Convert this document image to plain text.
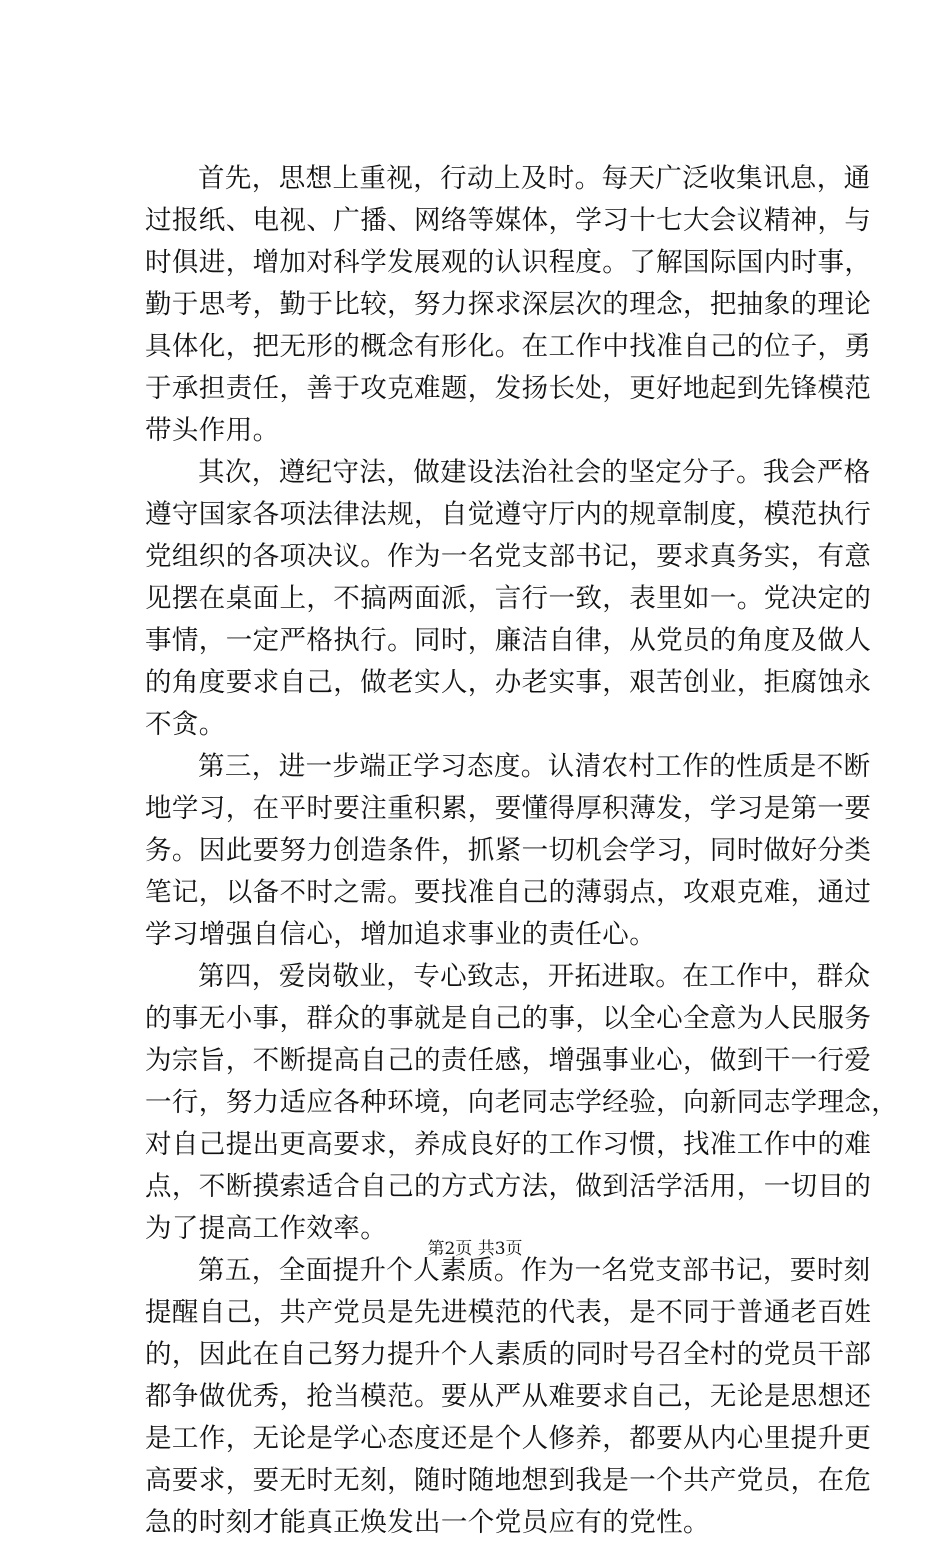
首先，思想上重视，行动上及时。每天广泛收集讯息，通
过报纸、电视、广播、网络等媒体，学习十七大会议精神，与
时俱进，增加对科学发展观的认识程度。了解国际国内时事，
勤于思考，勤于比较，努力探求深层次的理念，把抽象的理论
具体化，把无形的概念有形化。在工作中找准自己的位子，勇
于承担责任，善于攻克难题，发扬长处，更好地起到先锋模范
带头作用。
其次，遵纪守法，做建设法治社会的坚定分子。我会严格
遵守国家各项法律法规，自觉遵守厅内的规章制度，模范执行
党组织的各项决议。作为一名党支部书记，要求真务实，有意
见摆在桌面上，不搞两面派，言行一致，表里如一。党决定的
事情，一定严格执行。同时，廉洁自律，从党员的角度及做人
的角度要求自己，做老实人，办老实事，艰苦创业，拒腐蚀永
不贪。
第三，进一步端正学习态度。认清农村工作的性质是不断
地学习，在平时要注重积累，要懂得厚积薄发，学习是第一要
务。因此要努力创造条件，抓紧一切机会学习，同时做好分类
笔记，以备不时之需。要找准自己的薄弱点，攻艰克难，通过
学习增强自信心，增加追求事业的责任心。
第四，爱岗敬业，专心致志，开拓进取。在工作中，群众
的事无小事，群众的事就是自己的事，以全心全意为人民服务
为宗旨，不断提高自己的责任感，增强事业心，做到干一行爱
一行，努力适应各种环境，向老同志学经验，向新同志学理念，
对自己提出更高要求，养成良好的工作习惯，找准工作中的难
点，不断摸索适合自己的方式方法，做到活学活用，一切目的
为了提高工作效率。
第五，全面提升个人素质。作为一名党支部书记，要时刻
提醒自己，共产党员是先进模范的代表，是不同于普通老百姓
的，因此在自己努力提升个人素质的同时号召全村的党员干部
都争做优秀，抢当模范。要从严从难要求自己，无论是思想还
是工作，无论是学心态度还是个人修养，都要从内心里提升更
高要求，要无时无刻，随时随地想到我是一个共产党员，在危
急的时刻才能真正焕发出一个党员应有的党性。
第2页 共3页
